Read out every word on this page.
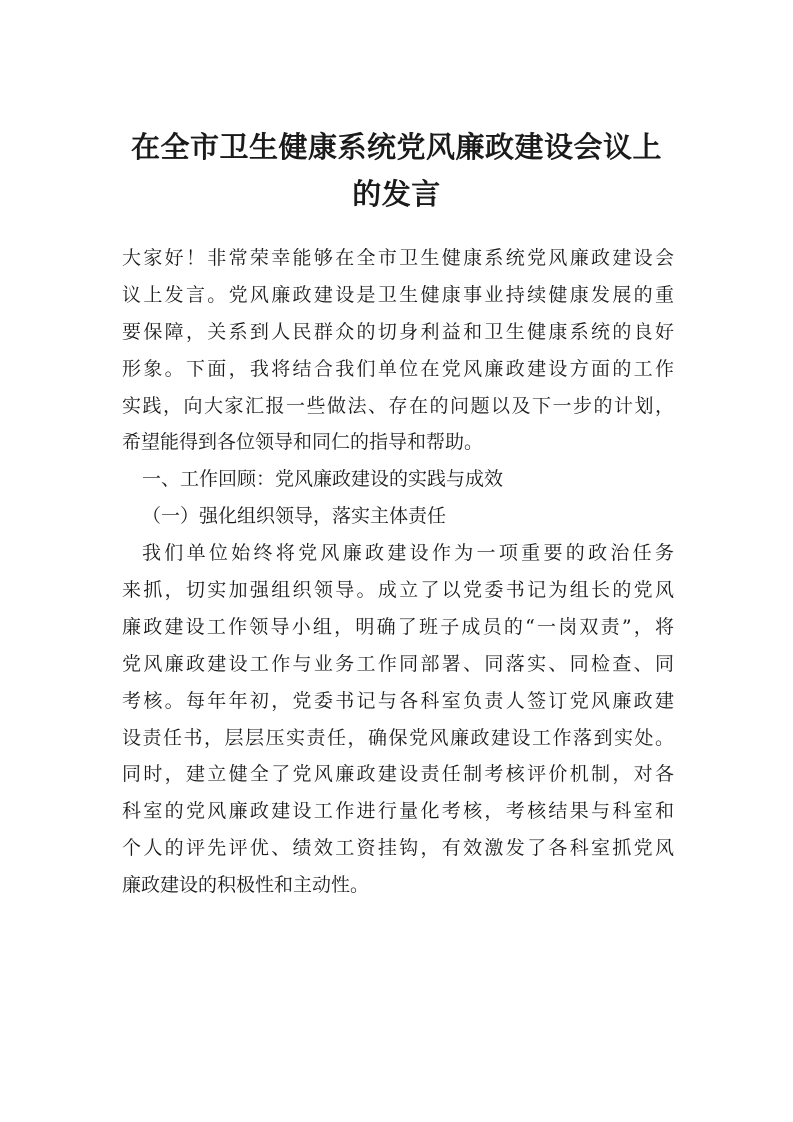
在全市卫生健康系统党风廉政建设会议上
的发言
大家好！非常荣幸能够在全市卫生健康系统党风廉政建设会
议上发言。党风廉政建设是卫生健康事业持续健康发展的重
要保障，关系到人民群众的切身利益和卫生健康系统的良好
形象。下面，我将结合我们单位在党风廉政建设方面的工作
实践，向大家汇报一些做法、存在的问题以及下一步的计划，
希望能得到各位领导和同仁的指导和帮助。
一、工作回顾：党风廉政建设的实践与成效
（一）强化组织领导，落实主体责任
我们单位始终将党风廉政建设作为一项重要的政治任务
来抓，切实加强组织领导。成立了以党委书记为组长的党风
廉政建设工作领导小组，明确了班子成员的“一岗双责”，将
党风廉政建设工作与业务工作同部署、同落实、同检查、同
考核。每年年初，党委书记与各科室负责人签订党风廉政建
设责任书，层层压实责任，确保党风廉政建设工作落到实处。
同时，建立健全了党风廉政建设责任制考核评价机制，对各
科室的党风廉政建设工作进行量化考核，考核结果与科室和
个人的评先评优、绩效工资挂钩，有效激发了各科室抓党风
廉政建设的积极性和主动性。
